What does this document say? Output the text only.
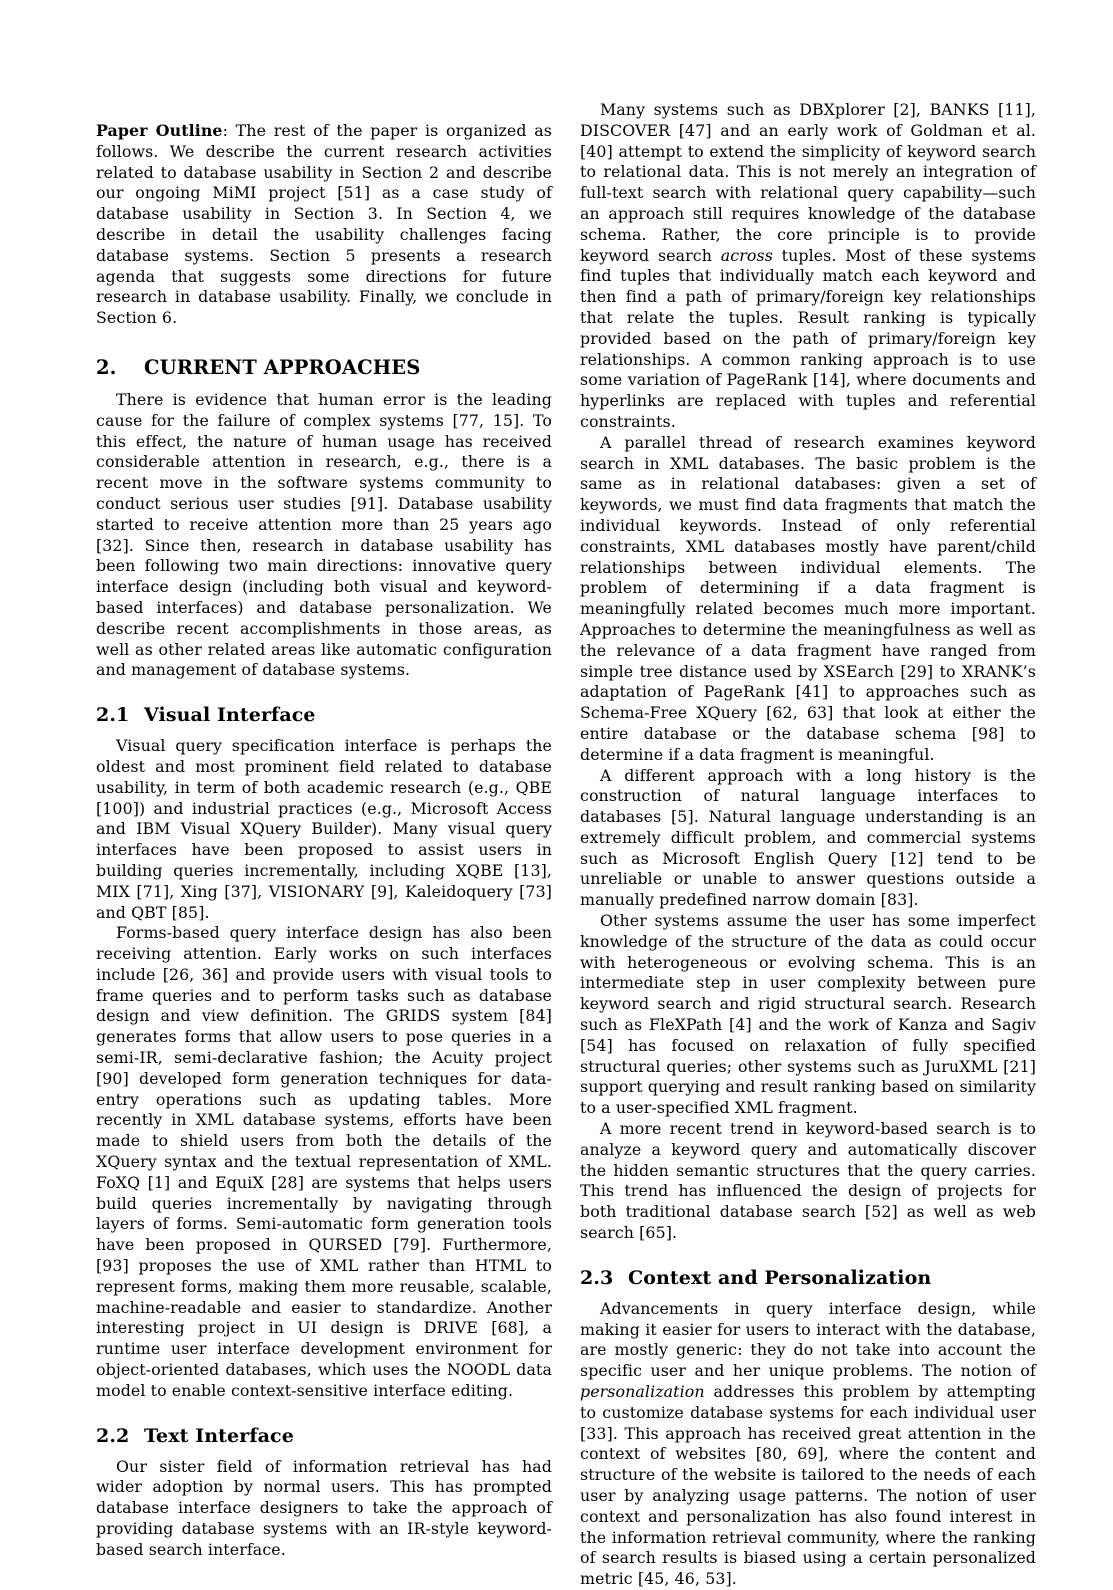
Paper Outline: The rest of the paper is organized as follows. We describe the current research activities related to database usability in Section 2 and describe our ongoing MiMI project [51] as a case study of database usability in Section 3. In Section 4, we describe in detail the usability challenges facing database systems. Section 5 presents a research agenda that suggests some directions for future research in database usability. Finally, we conclude in Section 6.

2. CURRENT APPROACHES

There is evidence that human error is the leading cause for the failure of complex systems [77, 15]. To this effect, the nature of human usage has received considerable attention in research, e.g., there is a recent move in the software systems community to conduct serious user studies [91]. Database usability started to receive attention more than 25 years ago [32]. Since then, research in database usability has been following two main directions: innovative query interface design (including both visual and keyword-based interfaces) and database personalization. We describe recent accomplishments in those areas, as well as other related areas like automatic configuration and management of database systems.

2.1 Visual Interface

Visual query specification interface is perhaps the oldest and most prominent field related to database usability, in term of both academic research (e.g., QBE [100]) and industrial practices (e.g., Microsoft Access and IBM Visual XQuery Builder). Many visual query interfaces have been proposed to assist users in building queries incrementally, including XQBE [13], MIX [71], Xing [37], VISIONARY [9], Kaleidoquery [73] and QBT [85].

Forms-based query interface design has also been receiving attention. Early works on such interfaces include [26, 36] and provide users with visual tools to frame queries and to perform tasks such as database design and view definition. The GRIDS system [84] generates forms that allow users to pose queries in a semi-IR, semi-declarative fashion; the Acuity project [90] developed form generation techniques for data-entry operations such as updating tables. More recently in XML database systems, efforts have been made to shield users from both the details of the XQuery syntax and the textual representation of XML. FoXQ [1] and EquiX [28] are systems that helps users build queries incrementally by navigating through layers of forms. Semi-automatic form generation tools have been proposed in QURSED [79]. Furthermore, [93] proposes the use of XML rather than HTML to represent forms, making them more reusable, scalable, machine-readable and easier to standardize. Another interesting project in UI design is DRIVE [68], a runtime user interface development environment for object-oriented databases, which uses the NOODL data model to enable context-sensitive interface editing.

2.2 Text Interface

Our sister field of information retrieval has had wider adoption by normal users. This has prompted database interface designers to take the approach of providing database systems with an IR-style keyword-based search interface.

Many systems such as DBXplorer [2], BANKS [11], DISCOVER [47] and an early work of Goldman et al. [40] attempt to extend the simplicity of keyword search to relational data. This is not merely an integration of full-text search with relational query capability—such an approach still requires knowledge of the database schema. Rather, the core principle is to provide keyword search across tuples. Most of these systems find tuples that individually match each keyword and then find a path of primary/foreign key relationships that relate the tuples. Result ranking is typically provided based on the path of primary/foreign key relationships. A common ranking approach is to use some variation of PageRank [14], where documents and hyperlinks are replaced with tuples and referential constraints.

A parallel thread of research examines keyword search in XML databases. The basic problem is the same as in relational databases: given a set of keywords, we must find data fragments that match the individual keywords. Instead of only referential constraints, XML databases mostly have parent/child relationships between individual elements. The problem of determining if a data fragment is meaningfully related becomes much more important. Approaches to determine the meaningfulness as well as the relevance of a data fragment have ranged from simple tree distance used by XSEarch [29] to XRANK’s adaptation of PageRank [41] to approaches such as Schema-Free XQuery [62, 63] that look at either the entire database or the database schema [98] to determine if a data fragment is meaningful.

A different approach with a long history is the construction of natural language interfaces to databases [5]. Natural language understanding is an extremely difficult problem, and commercial systems such as Microsoft English Query [12] tend to be unreliable or unable to answer questions outside a manually predefined narrow domain [83].

Other systems assume the user has some imperfect knowledge of the structure of the data as could occur with heterogeneous or evolving schema. This is an intermediate step in user complexity between pure keyword search and rigid structural search. Research such as FleXPath [4] and the work of Kanza and Sagiv [54] has focused on relaxation of fully specified structural queries; other systems such as JuruXML [21] support querying and result ranking based on similarity to a user-specified XML fragment.

A more recent trend in keyword-based search is to analyze a keyword query and automatically discover the hidden semantic structures that the query carries. This trend has influenced the design of projects for both traditional database search [52] as well as web search [65].

2.3 Context and Personalization

Advancements in query interface design, while making it easier for users to interact with the database, are mostly generic: they do not take into account the specific user and her unique problems. The notion of personalization addresses this problem by attempting to customize database systems for each individual user [33]. This approach has received great attention in the context of websites [80, 69], where the content and structure of the website is tailored to the needs of each user by analyzing usage patterns. The notion of user context and personalization has also found interest in the information retrieval community, where the ranking of search results is biased using a certain personalized metric [45, 46, 53].
